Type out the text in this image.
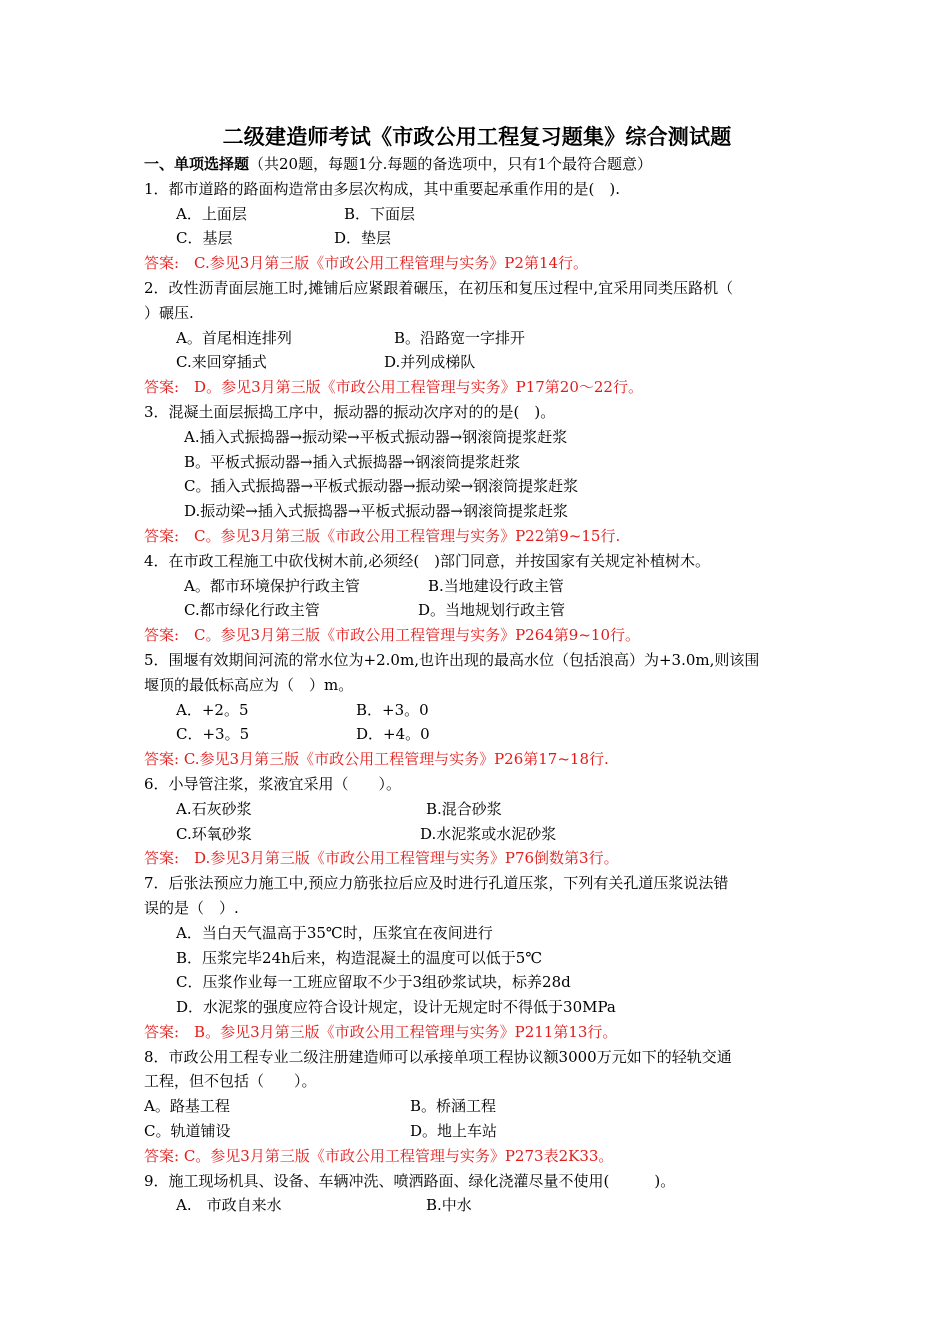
二级建造师考试《市政公用工程复习题集》综合测试题
一、单项选择题（共20题，每题1分.每题的备选项中，只有1个最符合题意）
1．都市道路的路面构造常由多层次构成，其中重要起承重作用的是(　).
A．上面层	B．下面层
C．基层	D．垫层
答案:　C.参见3月第三版《市政公用工程管理与实务》P2第14行。
2．改性沥青面层施工时,摊铺后应紧跟着碾压，在初压和复压过程中,宜采用同类压路机（
）碾压.
A。首尾相连排列	B。沿路宽一字排开
C.来回穿插式	D.并列成梯队
答案:　D。参见3月第三版《市政公用工程管理与实务》P17第20～22行。
3．混凝土面层振捣工序中，振动器的振动次序对的的是(　)。
A.插入式振捣器→振动梁→平板式振动器→钢滚筒提浆赶浆
B。平板式振动器→插入式振捣器→钢滚筒提浆赶浆
C。插入式振捣器→平板式振动器→振动梁→钢滚筒提浆赶浆
D.振动梁→插入式振捣器→平板式振动器→钢滚筒提浆赶浆
答案:　C。参见3月第三版《市政公用工程管理与实务》P22第9~15行.
4．在市政工程施工中砍伐树木前,必须经(　)部门同意，并按国家有关规定补植树木。
A。都市环境保护行政主管	B.当地建设行政主管
C.都市绿化行政主管	D。当地规划行政主管
答案:　C。参见3月第三版《市政公用工程管理与实务》P264第9~10行。
5．围堰有效期间河流的常水位为+2.0m,也许出现的最高水位（包括浪高）为+3.0m,则该围
堰顶的最低标高应为（　）m。
A．+2。5	B．+3。0
C．+3。5	D．+4。0
答案: C.参见3月第三版《市政公用工程管理与实务》P26第17~18行.
6．小导管注浆，浆液宜采用（　　）。
A.石灰砂浆	B.混合砂浆
C.环氧砂浆	D.水泥浆或水泥砂浆
答案:　D.参见3月第三版《市政公用工程管理与实务》P76倒数第3行。
7．后张法预应力施工中,预应力筋张拉后应及时进行孔道压浆，下列有关孔道压浆说法错
误的是（　）.
A．当白天气温高于35℃时，压浆宜在夜间进行
B．压浆完毕24h后来，构造混凝土的温度可以低于5℃
C．压浆作业每一工班应留取不少于3组砂浆试块，标养28d
D．水泥浆的强度应符合设计规定，设计无规定时不得低于30MPa
答案:　B。参见3月第三版《市政公用工程管理与实务》P211第13行。
8．市政公用工程专业二级注册建造师可以承接单项工程协议额3000万元如下的轻轨交通
工程，但不包括（　　）。
A。路基工程	B。桥涵工程
C。轨道铺设	D。地上车站
答案: C。参见3月第三版《市政公用工程管理与实务》P273表2K33。
9．施工现场机具、设备、车辆冲洗、喷洒路面、绿化浇灌尽量不使用(　　　)。
A.　市政自来水	B.中水
